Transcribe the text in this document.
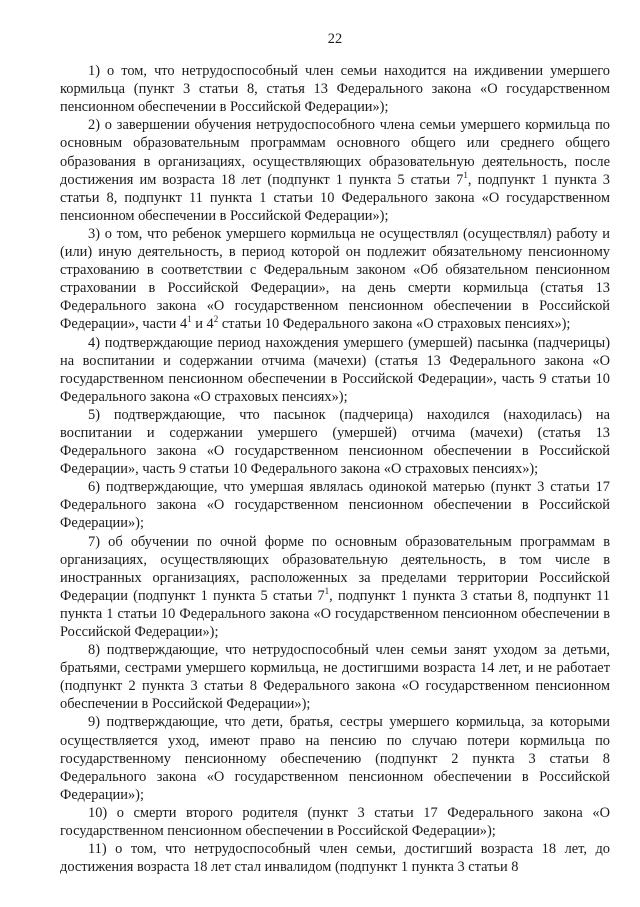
22

1) о том, что нетрудоспособный член семьи находится на иждивении умершего кормильца (пункт 3 статьи 8, статья 13 Федерального закона «О государственном пенсионном обеспечении в Российской Федерации»);

2) о завершении обучения нетрудоспособного члена семьи умершего кормильца по основным образовательным программам основного общего или среднего общего образования в организациях, осуществляющих образовательную деятельность, после достижения им возраста 18 лет (подпункт 1 пункта 5 статьи $7^1$, подпункт 1 пункта 3 статьи 8, подпункт 11 пункта 1 статьи 10 Федерального закона «О государственном пенсионном обеспечении в Российской Федерации»);

3) о том, что ребенок умершего кормильца не осуществлял (осуществлял) работу и (или) иную деятельность, в период которой он подлежит обязательному пенсионному страхованию в соответствии с Федеральным законом «Об обязательном пенсионном страховании в Российской Федерации», на день смерти кормильца (статья 13 Федерального закона «О государственном пенсионном обеспечении в Российской Федерации», части $4^1$ и $4^2$ статьи 10 Федерального закона «О страховых пенсиях»);

4) подтверждающие период нахождения умершего (умершей) пасынка (падчерицы) на воспитании и содержании отчима (мачехи) (статья 13 Федерального закона «О государственном пенсионном обеспечении в Российской Федерации», часть 9 статьи 10 Федерального закона «О страховых пенсиях»);

5) подтверждающие, что пасынок (падчерица) находился (находилась) на воспитании и содержании умершего (умершей) отчима (мачехи) (статья 13 Федерального закона «О государственном пенсионном обеспечении в Российской Федерации», часть 9 статьи 10 Федерального закона «О страховых пенсиях»);

6) подтверждающие, что умершая являлась одинокой матерью (пункт 3 статьи 17 Федерального закона «О государственном пенсионном обеспечении в Российской Федерации»);

7) об обучении по очной форме по основным образовательным программам в организациях, осуществляющих образовательную деятельность, в том числе в иностранных организациях, расположенных за пределами территории Российской Федерации (подпункт 1 пункта 5 статьи $7^1$, подпункт 1 пункта 3 статьи 8, подпункт 11 пункта 1 статьи 10 Федерального закона «О государственном пенсионном обеспечении в Российской Федерации»);

8) подтверждающие, что нетрудоспособный член семьи занят уходом за детьми, братьями, сестрами умершего кормильца, не достигшими возраста 14 лет, и не работает (подпункт 2 пункта 3 статьи 8 Федерального закона «О государственном пенсионном обеспечении в Российской Федерации»);

9) подтверждающие, что дети, братья, сестры умершего кормильца, за которыми осуществляется уход, имеют право на пенсию по случаю потери кормильца по государственному пенсионному обеспечению (подпункт 2 пункта 3 статьи 8 Федерального закона «О государственном пенсионном обеспечении в Российской Федерации»);

10) о смерти второго родителя (пункт 3 статьи 17 Федерального закона «О государственном пенсионном обеспечении в Российской Федерации»);

11) о том, что нетрудоспособный член семьи, достигший возраста 18 лет, до достижения возраста 18 лет стал инвалидом (подпункт 1 пункта 3 статьи 8
